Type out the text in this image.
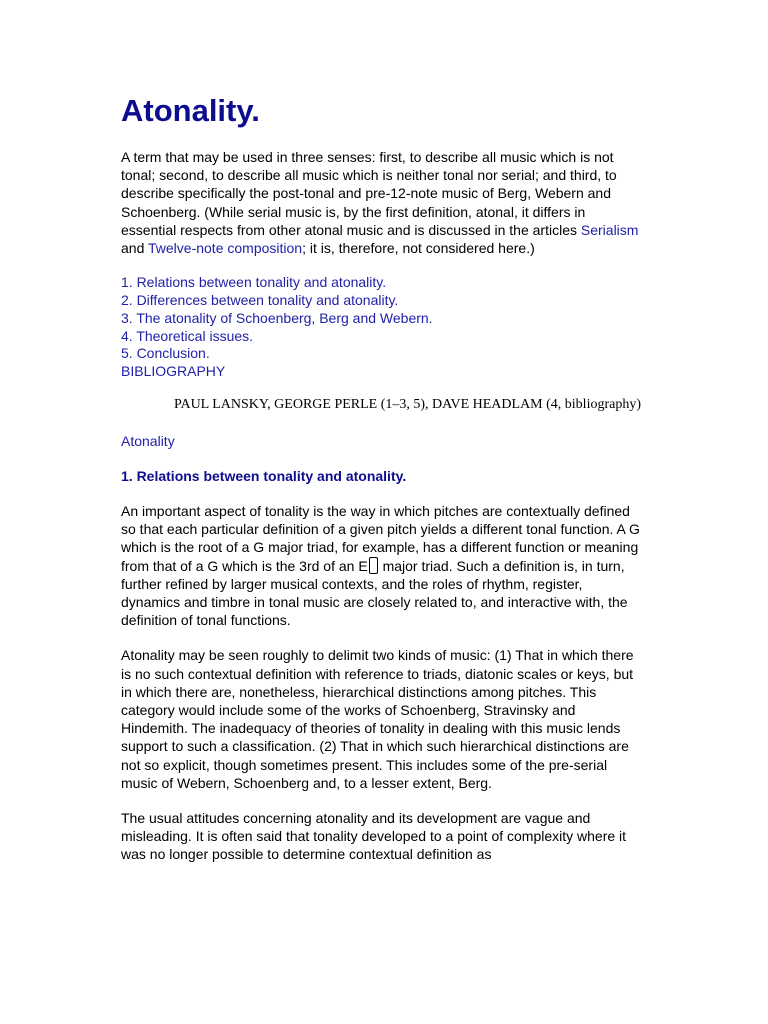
Atonality.

A term that may be used in three senses: first, to describe all music which is not tonal; second, to describe all music which is neither tonal nor serial; and third, to describe specifically the post-tonal and pre-12-note music of Berg, Webern and Schoenberg. (While serial music is, by the first definition, atonal, it differs in essential respects from other atonal music and is discussed in the articles Serialism and Twelve-note composition; it is, therefore, not considered here.)

1. Relations between tonality and atonality.
2. Differences between tonality and atonality.
3. The atonality of Schoenberg, Berg and Webern.
4. Theoretical issues.
5. Conclusion.
BIBLIOGRAPHY
PAUL LANSKY, GEORGE PERLE (1–3, 5), DAVE HEADLAM (4, bibliography)
Atonality
1. Relations between tonality and atonality.

An important aspect of tonality is the way in which pitches are contextually defined so that each particular definition of a given pitch yields a different tonal function. A G which is the root of a G major triad, for example, has a different function or meaning from that of a G which is the 3rd of an E major triad. Such a definition is, in turn, further refined by larger musical contexts, and the roles of rhythm, register, dynamics and timbre in tonal music are closely related to, and interactive with, the definition of tonal functions.

Atonality may be seen roughly to delimit two kinds of music: (1) That in which there is no such contextual definition with reference to triads, diatonic scales or keys, but in which there are, nonetheless, hierarchical distinctions among pitches. This category would include some of the works of Schoenberg, Stravinsky and Hindemith. The inadequacy of theories of tonality in dealing with this music lends support to such a classification. (2) That in which such hierarchical distinctions are not so explicit, though sometimes present. This includes some of the pre-serial music of Webern, Schoenberg and, to a lesser extent, Berg.

The usual attitudes concerning atonality and its development are vague and misleading. It is often said that tonality developed to a point of complexity where it was no longer possible to determine contextual definition as
